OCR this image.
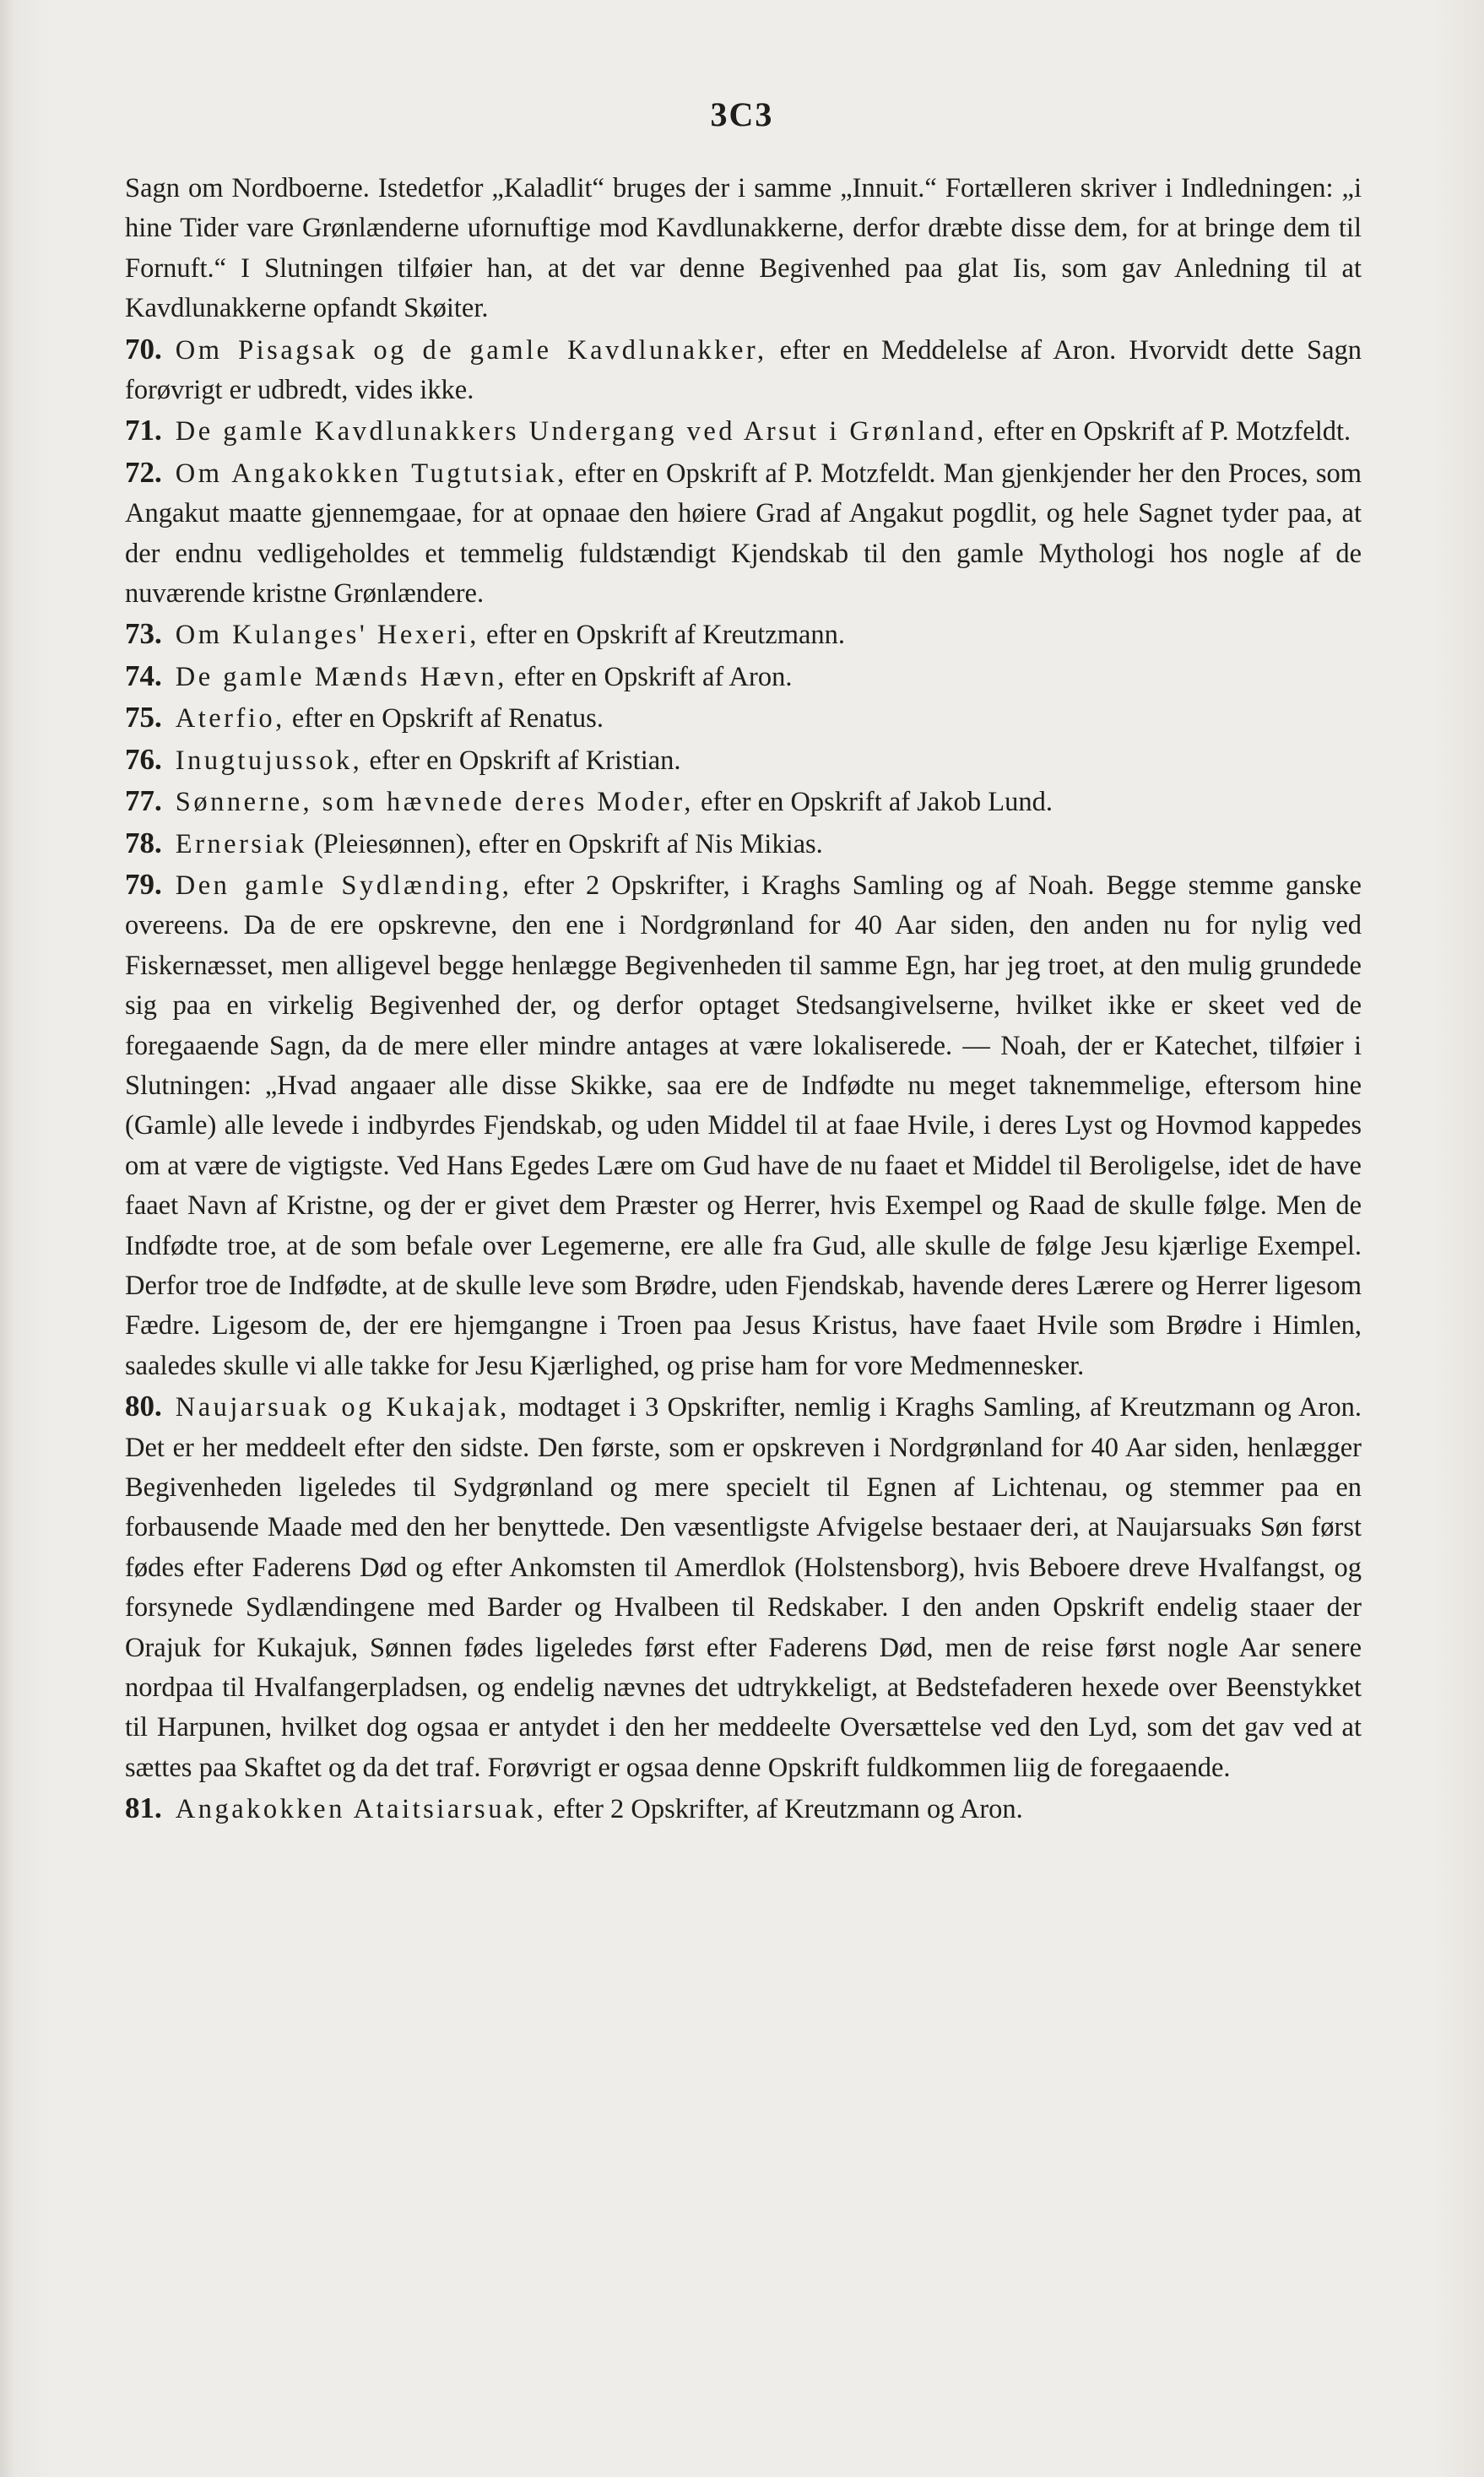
3C3

Sagn om Nordboerne. Istedetfor „Kaladlit“ bruges der i samme „Innuit.“ Fortælleren skriver i Indledningen: „i hine Tider vare Grønlænderne ufornuftige mod Kavdlunakkerne, derfor dræbte disse dem, for at bringe dem til Fornuft.“ I Slutningen tilføier han, at det var denne Begivenhed paa glat Iis, som gav Anledning til at Kavdlunakkerne opfandt Skøiter.

70. Om Pisagsak og de gamle Kavdlunakker, efter en Meddelelse af Aron. Hvorvidt dette Sagn forøvrigt er udbredt, vides ikke.

71. De gamle Kavdlunakkers Undergang ved Arsut i Grønland, efter en Opskrift af P. Motzfeldt.

72. Om Angakokken Tugtutsiak, efter en Opskrift af P. Motzfeldt. Man gjenkjender her den Proces, som Angakut maatte gjennemgaae, for at opnaae den høiere Grad af Angakut pogdlit, og hele Sagnet tyder paa, at der endnu vedligeholdes et temmelig fuldstændigt Kjendskab til den gamle Mythologi hos nogle af de nuværende kristne Grønlændere.

73. Om Kulanges' Hexeri, efter en Opskrift af Kreutzmann.

74. De gamle Mænds Hævn, efter en Opskrift af Aron.

75. Aterfio, efter en Opskrift af Renatus.

76. Inugtujussok, efter en Opskrift af Kristian.

77. Sønnerne, som hævnede deres Moder, efter en Opskrift af Jakob Lund.

78. Ernersiak (Pleiesønnen), efter en Opskrift af Nis Mikias.

79. Den gamle Sydlænding, efter 2 Opskrifter, i Kraghs Samling og af Noah. Begge stemme ganske overeens. Da de ere opskrevne, den ene i Nordgrønland for 40 Aar siden, den anden nu for nylig ved Fiskernæsset, men alligevel begge henlægge Begivenheden til samme Egn, har jeg troet, at den mulig grundede sig paa en virkelig Begivenhed der, og derfor optaget Stedsangivelserne, hvilket ikke er skeet ved de foregaaende Sagn, da de mere eller mindre antages at være lokaliserede. — Noah, der er Katechet, tilføier i Slutningen: „Hvad angaaer alle disse Skikke, saa ere de Indfødte nu meget taknemmelige, eftersom hine (Gamle) alle levede i indbyrdes Fjendskab, og uden Middel til at faae Hvile, i deres Lyst og Hovmod kappedes om at være de vigtigste. Ved Hans Egedes Lære om Gud have de nu faaet et Middel til Beroligelse, idet de have faaet Navn af Kristne, og der er givet dem Præster og Herrer, hvis Exempel og Raad de skulle følge. Men de Indfødte troe, at de som befale over Legemerne, ere alle fra Gud, alle skulle de følge Jesu kjærlige Exempel. Derfor troe de Indfødte, at de skulle leve som Brødre, uden Fjendskab, havende deres Lærere og Herrer ligesom Fædre. Ligesom de, der ere hjemgangne i Troen paa Jesus Kristus, have faaet Hvile som Brødre i Himlen, saaledes skulle vi alle takke for Jesu Kjærlighed, og prise ham for vore Medmennesker.

80. Naujarsuak og Kukajak, modtaget i 3 Opskrifter, nemlig i Kraghs Samling, af Kreutzmann og Aron. Det er her meddeelt efter den sidste. Den første, som er opskreven i Nordgrønland for 40 Aar siden, henlægger Begivenheden ligeledes til Sydgrønland og mere specielt til Egnen af Lichtenau, og stemmer paa en forbausende Maade med den her benyttede. Den væsentligste Afvigelse bestaaer deri, at Naujarsuaks Søn først fødes efter Faderens Død og efter Ankomsten til Amerdlok (Holstensborg), hvis Beboere dreve Hvalfangst, og forsynede Sydlændingene med Barder og Hvalbeen til Redskaber. I den anden Opskrift endelig staaer der Orajuk for Kukajuk, Sønnen fødes ligeledes først efter Faderens Død, men de reise først nogle Aar senere nordpaa til Hvalfangerpladsen, og endelig nævnes det udtrykkeligt, at Bedstefaderen hexede over Beenstykket til Harpunen, hvilket dog ogsaa er antydet i den her meddeelte Oversættelse ved den Lyd, som det gav ved at sættes paa Skaftet og da det traf. Forøvrigt er ogsaa denne Opskrift fuldkommen liig de foregaaende.

81. Angakokken Ataitsiarsuak, efter 2 Opskrifter, af Kreutzmann og Aron.
